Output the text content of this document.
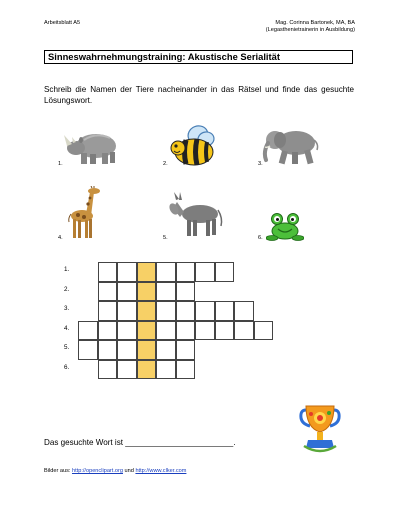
Arbeitsblatt A5	Mag. Corinna Bartonek, MA, BA
(Legasthenietrainerin in Ausbildung)
Sinneswahrnehmungstraining: Akustische Serialität
Schreib die Namen der Tiere nacheinander in das Rätsel und finde das gesuchte Lösungswort.
1.	2.	3.
4.	5.	6.
1.
2.
3.
4.
5.
6.
Das gesuchte Wort ist ________________________.
Bilder aus: http://openclipart.org und http://www.clker.com
